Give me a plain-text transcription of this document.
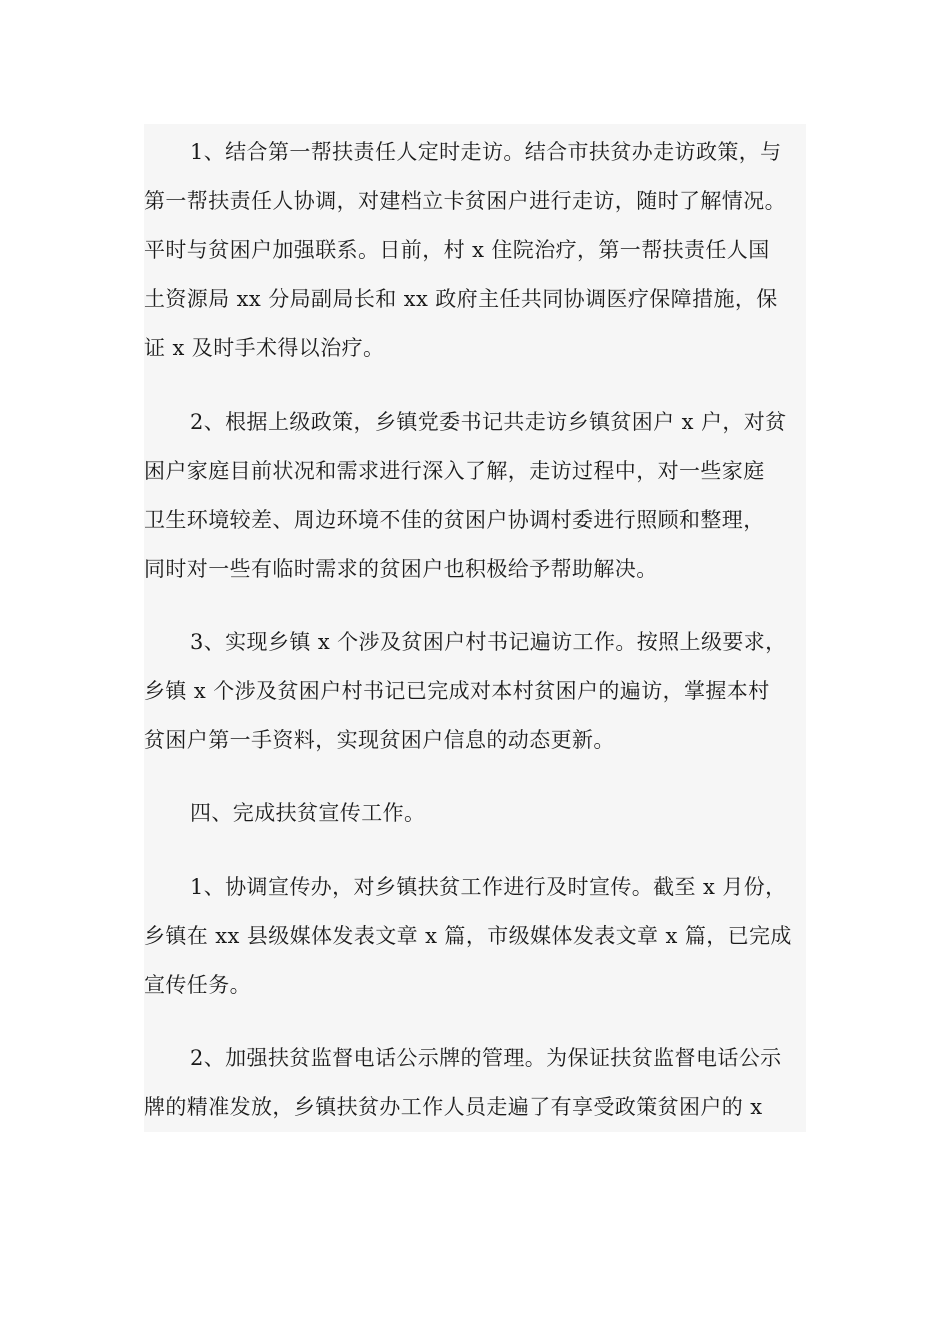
1、结合第一帮扶责任人定时走访。结合市扶贫办走访政策，与
第一帮扶责任人协调，对建档立卡贫困户进行走访，随时了解情况。
平时与贫困户加强联系。日前，村 x 住院治疗，第一帮扶责任人国
土资源局 xx 分局副局长和 xx 政府主任共同协调医疗保障措施，保
证 x 及时手术得以治疗。
2、根据上级政策，乡镇党委书记共走访乡镇贫困户 x 户，对贫
困户家庭目前状况和需求进行深入了解，走访过程中，对一些家庭
卫生环境较差、周边环境不佳的贫困户协调村委进行照顾和整理，
同时对一些有临时需求的贫困户也积极给予帮助解决。
3、实现乡镇 x 个涉及贫困户村书记遍访工作。按照上级要求，
乡镇 x 个涉及贫困户村书记已完成对本村贫困户的遍访，掌握本村
贫困户第一手资料，实现贫困户信息的动态更新。
四、完成扶贫宣传工作。
1、协调宣传办，对乡镇扶贫工作进行及时宣传。截至 x 月份，
乡镇在 xx 县级媒体发表文章 x 篇，市级媒体发表文章 x 篇，已完成
宣传任务。
2、加强扶贫监督电话公示牌的管理。为保证扶贫监督电话公示
牌的精准发放，乡镇扶贫办工作人员走遍了有享受政策贫困户的 x
